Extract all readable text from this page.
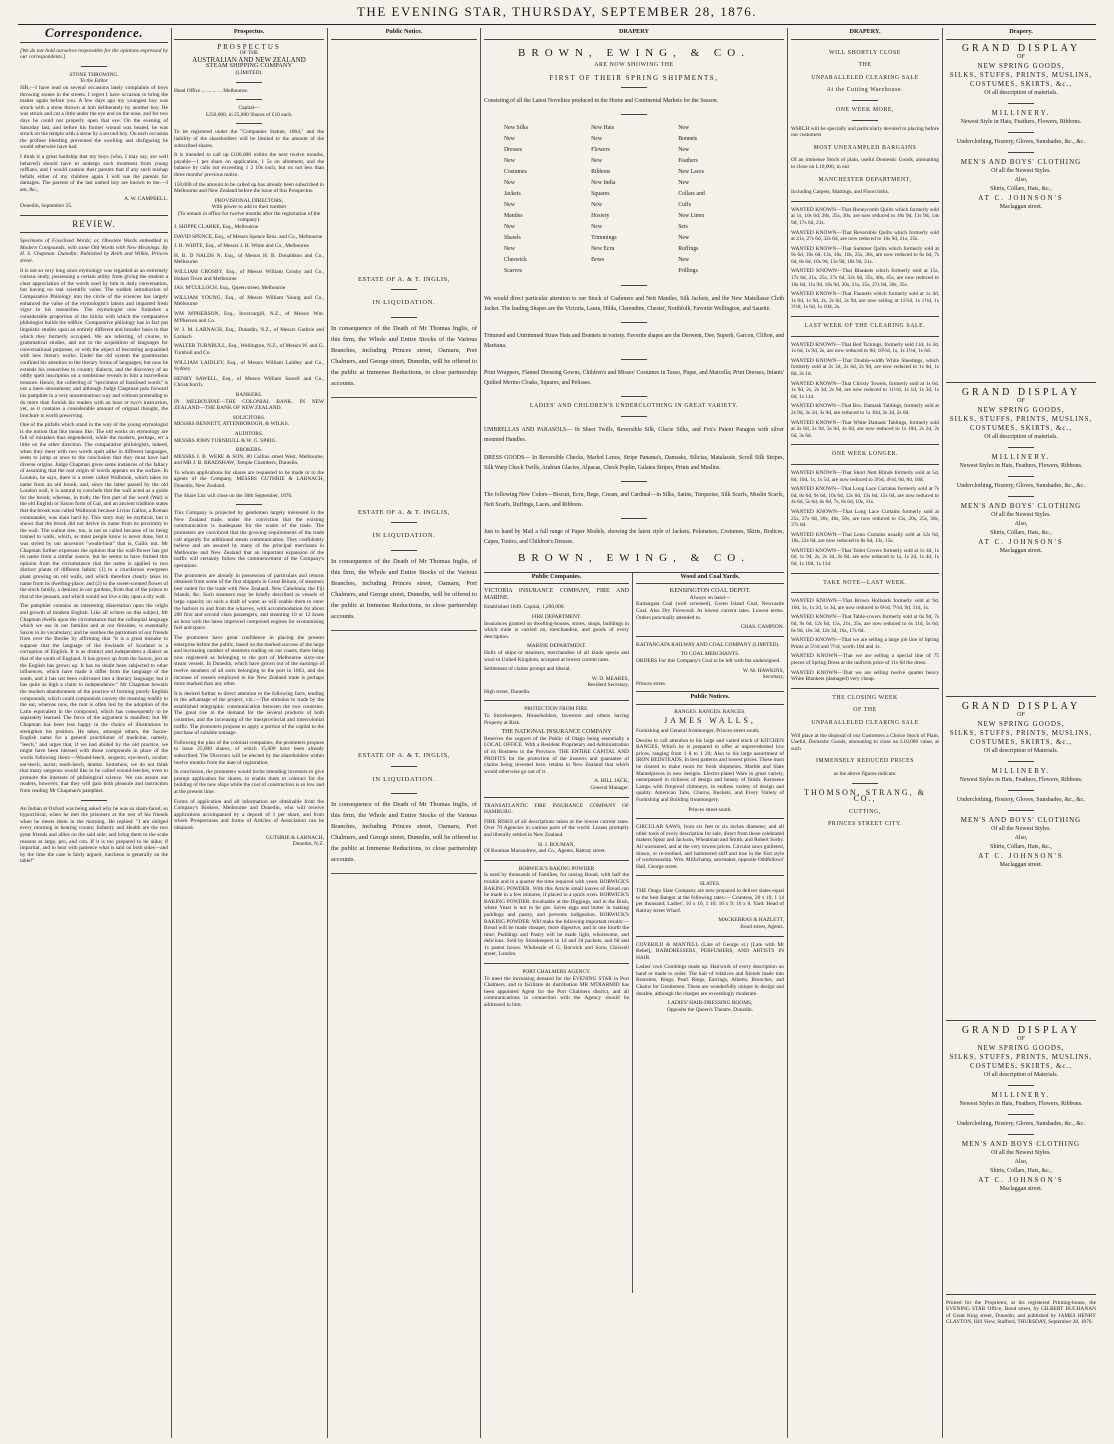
THE EVENING STAR, THURSDAY, SEPTEMBER 28, 1876.
Correspondence.

[We do not hold ourselves responsible for the opinions expressed by our correspondents.]

STONE THROWING.
To the Editor

SIR,—I have read on several occasions lately complaints of boys throwing stones in the streets. I regret I have occasion to bring the matter again before you. A few days ago my youngest boy was struck with a stone thrown at him deliberately by another boy. He was struck and cut a little under the eye and on the nose, and for two days he could not properly open that eye. On the evening of Saturday last, and before his former wound was healed, he was struck on the temple with a stone by a second boy. On each occasion the profuse bleeding prevented the swelling and disfiguring he would otherwise have had.

I think it a great hardship that my boys (who, I may say, are well behaved) should have to undergo such treatment from young ruffians, and I would caution their parents that if any such mishap befalls either of my children again I will sue the parents for damages. The parents of the last named boy are known to me.—I am, &c.,

A. W. CAMPBELL.
Dunedin, September 25.
REVIEW.

Specimens of Fossilised Words; or, Obsolete Words embedded in Modern Compounds, with some Old Words with New Meanings. By H. S. Chapman. Dunedin: Published by Reith and Wilkie, Princes street.

It is not so very long since etymology was regarded as an extremely curious study, possessing a certain utility from giving the student a clear appreciation of the words used by him in daily conversation, but having no real scientific value. The sudden introduction of Comparative Philology into the circle of the sciences has largely enhanced the value of the etymologist's labors and imparted fresh vigor to his researches. The etymologist now furnishes a considerable proportion of the bricks with which the comparative philologist builds the edifice. Comparative philology has in fact put linguistic studies upon an entirely different and broader basis to that which they formerly occupied. We are referring, of course, to grammatical studies, and not to the acquisition of languages for conversational purposes, or with the object of becoming acquainted with new literary works. Under the old system the grammarian confined his attention to the literary forms of languages; but now he extends his researches to country dialects, and the discovery of an oddly spelt inscription on a tombstone reveals to him a marvellous treasure. Hence, the collecting of "specimens of fossilised words" is not a mere amusement; and although Judge Chapman puts forward his pamphlet in a very unostentatious way and without pretending to do more than furnish his readers with an hour or two's instruction, yet, as it contains a considerable amount of original thought, the brochure is worth preserving.

One of the pitfalls which stand in the way of the young etymologist is the notion that like means like. The old works on etymology are full of mistakes thus engendered, while the modern, perhaps, err a little on the other direction. The comparative philologists, indeed, when they meet with two words spelt alike in different languages, seem to jump at once to the conclusion that they must have had diverse origins. Judge Chapman gives some instances of the fallacy of assuming that the real origin of words appears on the surface. In London, he says, there is a street called Walbrook, which takes its name from an old brook, and, since the latter passed by the old London wall, it is natural to conclude that the wall acted as a guide for the brook; whereas, in truth, the first part of the word (Wal) is the old English or Saxon form of Gal, and an ancient tradition states that the brook was called Walbrook because Livius Gallus, a Roman commander, was slain hard by. This story may be mythical, but it shows that the brook did not derive its name from its proximity to the wall. The walnut tree, too, is not so called because of its being trained to walls, which, as most people know is never done, but it was styled by our ancestors "wealh-hnut" that is, Gallic nut. Mr Chapman further expresses the opinion that the wall-flower has got its name from a similar source, but he seems to have formed this opinion from the circumstance that the name is applied to two distinct plants of different habits; (1) to a cruciferous evergreen plant growing on old walls, and which therefore clearly takes its name from its dwelling-place; and (2) to the sweet-scented flower of the stock family, a denizen in our gardens, from that of the prince to that of the peasant, and which would not live a day upon a dry wall.

The pamphlet contains an interesting dissertation upon the origin and growth of modern English. Like all writers on this subject, Mr Chapman dwells upon the circumstance that the colloquial language which we use in our families and at our firesides, is essentially Saxon in its vocabulary; and he soothes the patriotism of our friends from over the Border by affirming that "it is a great mistake to suppose that the language of the lowlands of Scotland is a corruption of English. It is as distinct and independent a dialect as that of the south of England. It has grown up from the Saxon, just as the English has grown up. It has no doubt been subjected to other influences, which have made it differ from the language of the south, and it has not been cultivated into a literary language; but it has quite as high a claim to independence." Mr Chapman bewails the modern abandonment of the practice of forming purely English compounds, which could compounds convey the meaning readily to the ear, whereas now, the root is often lost by the adoption of the Latin equivalent in the compound, which has consequently to be separately learned. The force of the argument is manifest; but Mr Chapman has been less happy in the choice of illustrations to strengthen his position. He takes, amongst others, the Saxon-English name for a general practitioner of medicine, namely, "leech," and urges that, if we had abided by the old practice, we might have been blessed with those compounds in place of the words following them:—Wound-leech, surgeon; eye-leech, oculist; ear-leech, aurist; tooth-leech, dentist. Somehow, we do not think that many surgeons would like to be called wound-leeches, even to promote the interests of philological science. We can assure our readers, however, that they will gain both pleasure and instruction from reading Mr Chapman's pamphlet.

An Indian at Oxford was being asked why he was so sham-faced, so hypocritical, when he met the prisoners at the rest of his friends when he meets them in the morning. He replied: "I am obliged every morning in hearing counts; Industry and Health are the two great friends and allies on the said side; and bring them to the scale reasons at large, pro, and con. If it is too prepared to be alike; if impartial, and to hear with patience what is said on both sides—and by the time the case is fairly argued, luncheon is generally on the table!"

Prospectus.
PROSPECTUS
OF THE
AUSTRALIAN AND NEW ZEALAND
STEAM SHIPPING COMPANY
(LIMITED).

Head Office ... ... ... ... Melbourne.

Capital—
£250,000, in 25,000 Shares of £10 each.

To be registered under the "Companies Statute, 1864," and the liability of the shareholders will be limited to the amount of the subscribed shares.

It is intended to call up £100,000 within the next twelve months, payable—1 per share on application, 1 5s on allotment, and the balance by calls not exceeding 1 2 10s each, but on not less than three months' previous notice.

150,000 of the amount to be called up has already been subscribed in Melbourne and New Zealand before the issue of this Prospectus.

PROVISIONAL DIRECTORS,
With power to add to their number
(To remain in office for twelve months after the registration of the company).

J. SHIPPE CLARKE, Esq., Melbourne

DAVID SPENCE, Esq., of Messrs Spence Bros. and Co., Melbourne

J. H. WHITE, Esq., of Messrs J. H. White and Co., Melbourne

H. B. D NALDS N, Esq., of Messrs H. B. Donaldson and Co., Melbourne

WILLIAM CROSBY, Esq., of Messrs William Crosby and Co., Hobart Town and Melbourne

JAS. M'CULLOCH, Esq., Queen street, Melbourne

WILLIAM YOUNG, Esq., of Messrs William Young and Co., Melbourne

WM M'PHERSON, Esq., Invercargill, N.Z., of Messrs Wm. M'Pherson and Co.

W. J. M. LARNACH, Esq., Dunedin, N.Z., of Messrs Guthrie and Larnach

WALTER TURNBULL, Esq., Wellington, N.Z., of Messrs W. and G. Turnbull and Co.

WILLIAM LAIDLEY, Esq., of Messrs William Laidley and Co., Sydney.

HENRY SAWELL, Esq., of Messrs William Sawell and Co., Christchurch.

BANKERS.

IN MELBOURNE—THE COLONIAL BANK. IN NEW ZEALAND—THE BANK OF NEW ZEALAND.

SOLICITORS.

MESSRS BENNETT, ATTENBOROGH, & WILKS.

AUDITORS.

MESSRS JOHN TURNBULL & W. G. SPRIG.

BROKERS.

MESSRS J. B. WERE & SON, 80 Collins street West, Melbourne, and MR J. B. BRADSHAW, Temple Chambers, Dunedin.

To whom applications for shares are requested to be made or to the agents of the Company, MESSRS GUTHRIE & LARNACH, Dunedin, New Zealand.

The Share List will close on the 30th September, 1876.

This Company is projected by gentlemen largely interested in the New Zealand trade, under the conviction that the existing communication is inadequate for the wants of the trade. The promoters are convinced that the growing requirements of the trade call urgently for additional steam communication. They confidently believe and are assured by many of the principal merchants in Melbourne and New Zealand that an important expansion of the traffic will certainly follow the commencement of the Company's operations.

The promoters are already in possession of particulars and returns obtained from some of the first shippers in Great Britain, of steamers best suited for the trade with New Zealand. New Caledonia, the Fiji Islands, &c. Such steamers may be briefly described as vessels of large capacity on such a draft of water as will enable them to enter the harbors to and from the wharves, with accommodation for about 200 first and second class passengers, and steaming 10 or 12 knots an hour with the latest improved compound engines for economising fuel and space.

The promoters have great confidence in placing the present enterprise before the public, based on the marked success of the large and increasing number of steamers trading on our coasts, there being now registered as belonging to the port of Melbourne sixty-one steam vessels. In Dunedin, which have grown out of the earnings of twelve steamers of all sorts belonging to the port in 1863, and the increase of vessels employed in the New Zealand trade is perhaps more marked than any other.

It is desired further to direct attention to the following facts, tending to the advantage of the project, viz.:—The stimulus to trade by the established telegraphic communication between the two countries. The great rise in the demand for the several products of both countries, and the increasing of the interprovincial and intercolonial traffic. The promoters propose to apply a portion of the capital to the purchase of suitable tonnage.

Following the plan of the colonial companies, the promoters propose to issue 25,000 shares, of which 15,000 have been already subscribed. The Directors will be elected by the shareholders within twelve months from the date of registration.

In conclusion, the promoters would invite intending investors to give prompt application for shares, to enable them to contract for the building of the new ships while the cost of construction is so low and at the present time.

Forms of application and all information are obtainable from the Company's Brokers, Melbourne and Dunedin, who will receive applications accompanied by a deposit of 1 per share, and from whom Prospectuses and forms of Articles of Association can be obtained.

GUTHRIE & LARNACH,
Dunedin, N.Z.
Public Notice.
ESTATE OF A. & T. INGLIS,
IN LIQUIDATION.
In consequence of the Death of Mr Thomas Inglis, of this firm, the Whole and Entire Stocks of the Various Branches, including Princes street, Oamaru, Port Chalmers, and George street, Dunedin, will be offered to the public at Immense Reductions, to close partnership accounts.
ESTATE OF A. & T. INGLIS,
IN LIQUIDATION.
In consequence of the Death of Mr Thomas Inglis, of this firm, the Whole and Entire Stocks of the Various Branches, including Princes street, Oamaru, Port Chalmers, and George street, Dunedin, will be offered to the public at Immense Reductions, to close partnership accounts.
ESTATE OF A. & T. INGLIS,
IN LIQUIDATION.
In consequence of the Death of Mr Thomas Inglis, of this firm, the Whole and Entire Stocks of the Various Branches, including Princes street, Oamaru, Port Chalmers, and George street, Dunedin, will be offered to the public at Immense Reductions, to close partnership accounts.
DRAPERY
BROWN, EWING, & CO.
ARE NOW SHOWING THE
FIRST OF THEIR SPRING SHIPMENTS,
Consisting of all the Latest Novelties produced in the Home and Continental Markets for the Season.
New Silks
New Dresses
New Costumes
New Jackets
New Mantles
New Shawls
New Cheswick Scarves
New Hats
New Flowers
New Ribbons
New India Squares
New Hosiery
New Trimmings
New Ecru Bows
New Bonnets
New Feathers
New Laces
New Collars and Cuffs
New Linen Sets
New Ruffings
New Frillings
We would direct particular attention to our Stock of Cashmere and Nett Mantles, Silk Jackets, and the New Matellasse Cloth Jacket. The leading Shapes are the Victoria, Laura, Hilda, Clarendine, Chester, Northfolk, Favorite Wellington, and Sauette.
Trimmed and Untrimmed Straw Hats and Bonnets in variety. Favorite shapes are the Derwent, Dee, Superb, Garcon, Clifton, and Maritana.
Print Wrappers, Flannel Dressing Gowns, Children's and Misses' Costumes in Tasso, Pique, and Marcella; Print Dresses, Infants' Quilted Merino Cloaks, Squares, and Pelisses.
LADIES' AND CHILDREN'S UNDERCLOTHING IN GREAT VARIETY.
UMBRELLAS AND PARASOLS— In Sheet Twills, Reversible Silk, Glacie Silks, and Fox's Patent Paragon with silver mounted Handles.
DRESS GOODS— In Reversible Checks, Marled Lenos, Stripe Panama's, Damasks, Silicias, Matalassie, Scroll Silk Stripes, Silk Warp Check Twills, Arabian Glacies, Alpacas, Check Poplin, Galatea Stripes, Prints and Muslins.
The following New Colors—Biscuit, Ecru, Bege, Cream, and Cardinal—in Silks, Satins, Turquoise, Silk Scarfs, Muslin Scarfs, Nett Scarfs, Ruffings, Laces, and Ribbons.
Just to hand by Mail a full range of Paper Models, showing the latest style of Jackets, Polonaises, Costumes, Skirts, Bodices, Capes, Tunics, and Children's Dresses.
BROWN, EWING, & CO.
Public Companies.

VICTORIA INSURANCE COMPANY, FIRE AND MARINE.

Established 1849. Capital, 1,200,000.

FIRE DEPARTMENT.

Insurances granted on dwelling-houses, stores, shops, buildings in which trade is carried on, merchandise, and goods of every description.

MARINE DEPARTMENT.

Hulls of ships or steamers, merchandise of all kinds specie and wool to United Kingdom, accepted at lowest current rates.

Settlement of claims prompt and liberal.

W. D. MEARES,
Resident Secretary,
High street, Dunedin.
PROTECTION FROM FIRE.

To Storekeepers, Householders, Investors and others having Property at Risk.

THE NATIONAL INSURANCE COMPANY

Reserves the support of the Public of Otago being essentially a LOCAL OFFICE. With a Resident Proprietary and Administration of its Business in the Province. THE ENTIRE CAPITAL AND PROFITS for the protection of the insurers and guarantee of claims being invested here, retains in New Zealand that which would otherwise go out of it.

A. HILL JACK,
General Manager.

TRANSATLANTIC FIRE INSURANCE COMPANY OF HAMBURG.

FIRE RISKS of all descriptions taken at the lowest current rates. Over 70 Agencies in various parts of the world. Losses promptly and liberally settled in New Zealand.

H. J. BOUMAN,

Of Bouman Macandrew, and Co., Agents, Rattray street.

BORWICK'S BAKING POWDER

Is used by thousands of Families, for raising Bread, with half the trouble and in a quarter the time required with yeast. BORWICK'S BAKING POWDER. With this Article small loaves of Bread can be made in a few minutes, if placed in a quick oven. BORWICK'S BAKING POWDER. Invaluable at the Diggings, and in the Bush, where Yeast is not to be got. Saves eggs and butter in making puddings and pastry, and prevents indigestion. BORWICK'S BAKING POWDER. Will make the following important results:—Bread will be made cheaper, more digestive, and in one fourth the time; Puddings and Pastry will be made light, wholesome, and delicious. Sold by Storekeepers in 1d and 2d packets, and 6d and 1s patent boxes. Wholesale of G. Borwick and Sons, Chiswell street, London.

PORT CHALMERS AGENCY.

To meet the increasing demand for the EVENING STAR in Port Chalmers, and to facilitate its distribution MR M'DIARMID has been appointed Agent for the Port Chalmers district, and all communications in connection with the Agency should be addressed to him.

Wood and Coal Yards.
KENSINGTON COAL DEPOT.
Always on hand—

Kaitangata Coal (well screened), Green Island Coal, Newcastle Coal, Also Dry Firewood. At lowest current rates. Lowest terms. Orders punctually attended to.

CHAS. CAMPION.

KAITANGATA RAILWAY AND COAL COMPANY (LIMITED).

TO COAL MERCHANTS.

ORDERS For this Company's Coal to be left with the undersigned.

W. M. HAWKINS,
Secretary,
Princes street.
Public Notices.
RANGES. RANGES. RANGES.
JAMES WALLS,

Furnishing and General Ironmonger, Princes street south,

Desires to call attention to his large and varied stock of KITCHEN RANGES, Which he is prepared to offer at unprecedented low prices, ranging from 1 8 to 1 20; Also to his large assortment of IRON BEDSTEADS, In best patterns and lowest prices. These must be cleared to make room for fresh shipments. Marble and Slate Mantelpieces in new designs. Electro-plated Ware in great variety, unsurpassed in richness of design and beauty of finish. Kerosene Lamps with fireproof chimneys, in endless variety of design and quality. American Tubs, Churns, Buckets, and Every Variety of Furnishing and Building Ironmongery.

Princes street south.

CIRCULAR SAWS, from six feet to six inches diameter, and all other tools of every description for sale, direct from those celebrated makers Spear and Jackson, Wheatman and Smith, and Robert Sorby. All warranted, and at the very lowest prices. Circular saws guilleted, drawn, or re-toothed, and hammered stiff and true in the first style of workmanship. Wm. Millichamp, sawmaker, opposite Oddfellows' Hall, George street.

SLATES.

THE Otago Slate Company are now prepared to deliver slates equal to the best Bangor at the following rates:— Countess, 20 x 10, 1 14 per thousand; Ladies', 16 x 10, 1 10; 16 x 9; 16 x 8. Yard: Head of Rattray street Wharf.

MACKERRAS & HAZLETT,
Bond street, Agents.

COVERILD & MANTELL (Late of George st.) [Late with Mr Bebel], HAIRDRESSERS, PERFUMERS, AND ARTISTS IN HAIR.

Ladies' own Combings made up. Hairwork of every description on hand or made to order. The hair of relatives and friends made into Bracelets, Rings, Pearl Rings, Earrings, Alberts, Brooches, and Chains for Gentlemen. These are wonderfully unique in design and durable, although the charges are exceedingly moderate.

LADIES' HAIR-DRESSING ROOMS,
Opposite the Queen's Theatre, Dunedin.
DRAPERY.
WILL SHORTLY CLOSE
THE
UNPARALLELED CLEARING SALE
At the Cutting Warehouse.
ONE WEEK MORE,

WHICH will be specially and particularly devoted to placing before our customers

MOST UNEXAMPLED BARGAINS

Of an immense Stock of plain, useful Domestic Goods, amounting to close on L10,000, in our

MANCHESTER DEPARTMENT,

Including Carpets, Mattings, and Floorcloths.

WANTED KNOWN—That Honeycomb Quilts which formerly sold at 1s, 10s 6d, 20s, 25s, 30s, are now reduced to 10s 9d, 11s 9d, 14s 9d, 17s 6d, 21s.

WANTED KNOWN—That Reversible Quilts which formerly sold at 21s, 27s 6d, 32s 6d, are now reduced to 16s 9d, 21s, 25s.

WANTED KNOWN—That Summer Quilts which formerly sold at 9s 6d, 10s 6d, 13s, 16s, 18s, 25s, 30s, are now reduced to 6s 6d, 7s 6d, 8s 6d, 10s 9d, 13s 9d, 18s 9d, 21s.

WANTED KNOWN—That Blankets which formerly sold at 15s, 17s 6d, 21s, 25s, 27s 6d, 32s 6d, 35s, 40s, 45s, are now reduced to 10s 6d, 11s 9d, 16s 9d, 20s, 21s, 25s, 27s 6d, 30s, 35s.

WANTED KNOWN—That Flannels which formerly sold at 1s 4d, 1s 6d, 1s 9d, 2s, 2s 6d, 2s 9d, are now selling at 11½d, 1s 1½d, 1s 3½d, 1s 6d, 1s 10d, 2s.

LAST WEEK OF THE CLEARING SALE.

WANTED KNOWN—That Bed Tickings, formerly sold 11d, 1s 3d, 1s 6d, 1s 9d, 2s, are now reduced to 8d, 10½d, 1s, 1s 1½d, 1s 6d.

WANTED KNOWN—That Double-width White Sheetings, which formerly sold at 2s 3d, 2s 6d, 2s 9d, are now reduced to 1s 6d, 1s 8d, 2s 1d.

WANTED KNOWN—That Christy Towels, formerly sold at 1s 6d, 1s 9d, 2s, 2s 3d, 2s 9d, are now reduced to 11½d, 1s 1d, 1s 3d, 1s 6d, 1s 11d.

WANTED KNOWN—That Bro. Damask Tablings, formerly sold at 2s 9d, 3s 3d, 3s 9d, are reduced to 1s 10d, 2s 3d, 2s 6d.

WANTED KNOWN—That White Damask Tablings, formerly sold at 2s 6d, 2s 9d, 3s 6d, 4s 6d, are now reduced to 1s 10d, 2s 2d, 2s 6d, 3s 6d.

ONE WEEK LONGER.

WANTED KNOWN—That Short Nett Blinds formerly sold at 5d, 8d, 10d, 1s, 1s 5d, are now reduced to 3½d, 4½d, 6d, 8d, 10d.

WANTED KNOWN—That Long Lace Curtains formerly sold at 7s 6d, 8s 6d, 9s 6d, 10s 6d, 12s 6d, 13s 6d, 15s 6d, are now reduced to 4s 6d, 5s 6d, 6s 6d, 7s, 8s 6d, 10s, 11s.

WANTED KNOWN—That Long Lace Curtains formerly sold at 25s, 27s 6d, 30s, 40s, 50s, are now reduced to 15s, 20s, 25s, 30s, 37s 6d.

WANTED KNOWN—That Leno Curtains usually sold at 12s 6d, 18s, 22s 6d, are now reduced to 8s 6d, 13s, 15s.

WANTED KNOWN—That Toilet Covers formerly sold at 1s 4d, 1s 6d, 1s 9d, 2s, 2s 3d, 2s 6d, are now reduced to 1s, 1s 2d, 1s 4d, 1s 6d, 1s 10d, 1s 11d.

TAKE NOTE—LAST WEEK.

WANTED KNOWN—That Brown Hollands formerly sold at 9d, 10d, 1s, 1s 2d, 1s 3d, are now reduced to 6½d, 7½d, 9d, 11d, 1s.

WANTED KNOWN—That Table-covers formerly sold at 6s 9d, 7s 6d, 9s 6d, 12s 6d, 15s, 21s, 25s, are now reduced to 4s 11d, 5s 6d, 6s 9d, 10s 3d, 12s 3d, 16s, 17s 6d.

WANTED KNOWN—That we are selling a large job line of Spring Prints at 5½d and 7½d, worth 10d and 1s.

WANTED KNOWN—That we are selling a special line of 75 pieces of Spring Dress at the uniform price of 11s 6d the dress.

WANTED KNOWN—That we are selling twelve quarter heavy White Blankets (damaged) very cheap.

THE CLOSING WEEK
OF THE
UNPARALLELED CLEARING SALE

Will place at the disposal of our Customers a Choice Stock of Plain, Useful, Domestic Goods, amounting to close on L10,000 value, at such

IMMENSELY REDUCED PRICES
as the above figures indicate.
THOMSON, STRANG, & CO.,
CUTTING,
PRINCES STREET CITY.
Drapery.
GRAND DISPLAY
OF
NEW SPRING GOODS,
SILKS, STUFFS, PRINTS, MUSLINS, COSTUMES, SKIRTS, &c.,
Of all description of materials.
MILLINERY.
Newest Style in Hats, Feathers, Flowers, Ribbons.
Underclothing, Hosiery, Gloves, Sunshades, &c., &c.
MEN'S AND BOYS' CLOTHING
Of all the Newest Styles.
Also,
Shirts, Collars, Hats, &c.,
AT C. JOHNSON'S
Maclaggan street.
GRAND DISPLAY
OF
NEW SPRING GOODS,
SILKS, STUFFS, PRINTS, MUSLINS, COSTUMES, SKIRTS, &c.,
Of all description of materials.
MILLINERY.
Newest Styles in Hats, Feathers, Flowers, Ribbons.
Underclothing, Hosiery, Gloves, Sunshades, &c., &c.
MEN'S AND BOYS' CLOTHING
Of all the Newest Styles.
Also,
Shirts, Collars, Hats, &c.,
AT C. JOHNSON'S
Maclaggan street.
GRAND DISPLAY
OF
NEW SPRING GOODS,
SILKS, STUFFS, PRINTS, MUSLINS, COSTUMES, SKIRTS, &c.,
Of all description of Materials.
MILLINERY.
Newest Styles in Hats, Feathers, Flowers, Ribbons.
Underclothing, Hosiery, Gloves, Sunshades, &c., &c.
MEN'S AND BOYS' CLOTHING
Of all the Newest Styles.
Also,
Shirts, Collars, Hats, &c.,
AT C. JOHNSON'S
Maclaggan street.
GRAND DISPLAY
OF
NEW SPRING GOODS,
SILKS, STUFFS, PRINTS, MUSLINS, COSTUMES, SKIRTS, &c.,
Of all description of Materials.
MILLINERY.
Newest Styles in Hats, Feathers, Flowers, Ribbons.
Underclothing, Hosiery, Gloves, Sunshades, &c., &c.
MEN'S AND BOYS CLOTHING
Of all the Newest Styles.
Also,
Shirts, Collars, Hats, &c.,
AT C. JOHNSON'S
Maclaggan street.

Printed for the Proprietor, at his registered Printing-house, the EVENING STAR Office, Bond street, by GILBERT BUCHANAN of Great King street, Dunedin, and published by JAMES HENRY CLAYTON, Hill View, Stafford, THURSDAY, September 28, 1876.
